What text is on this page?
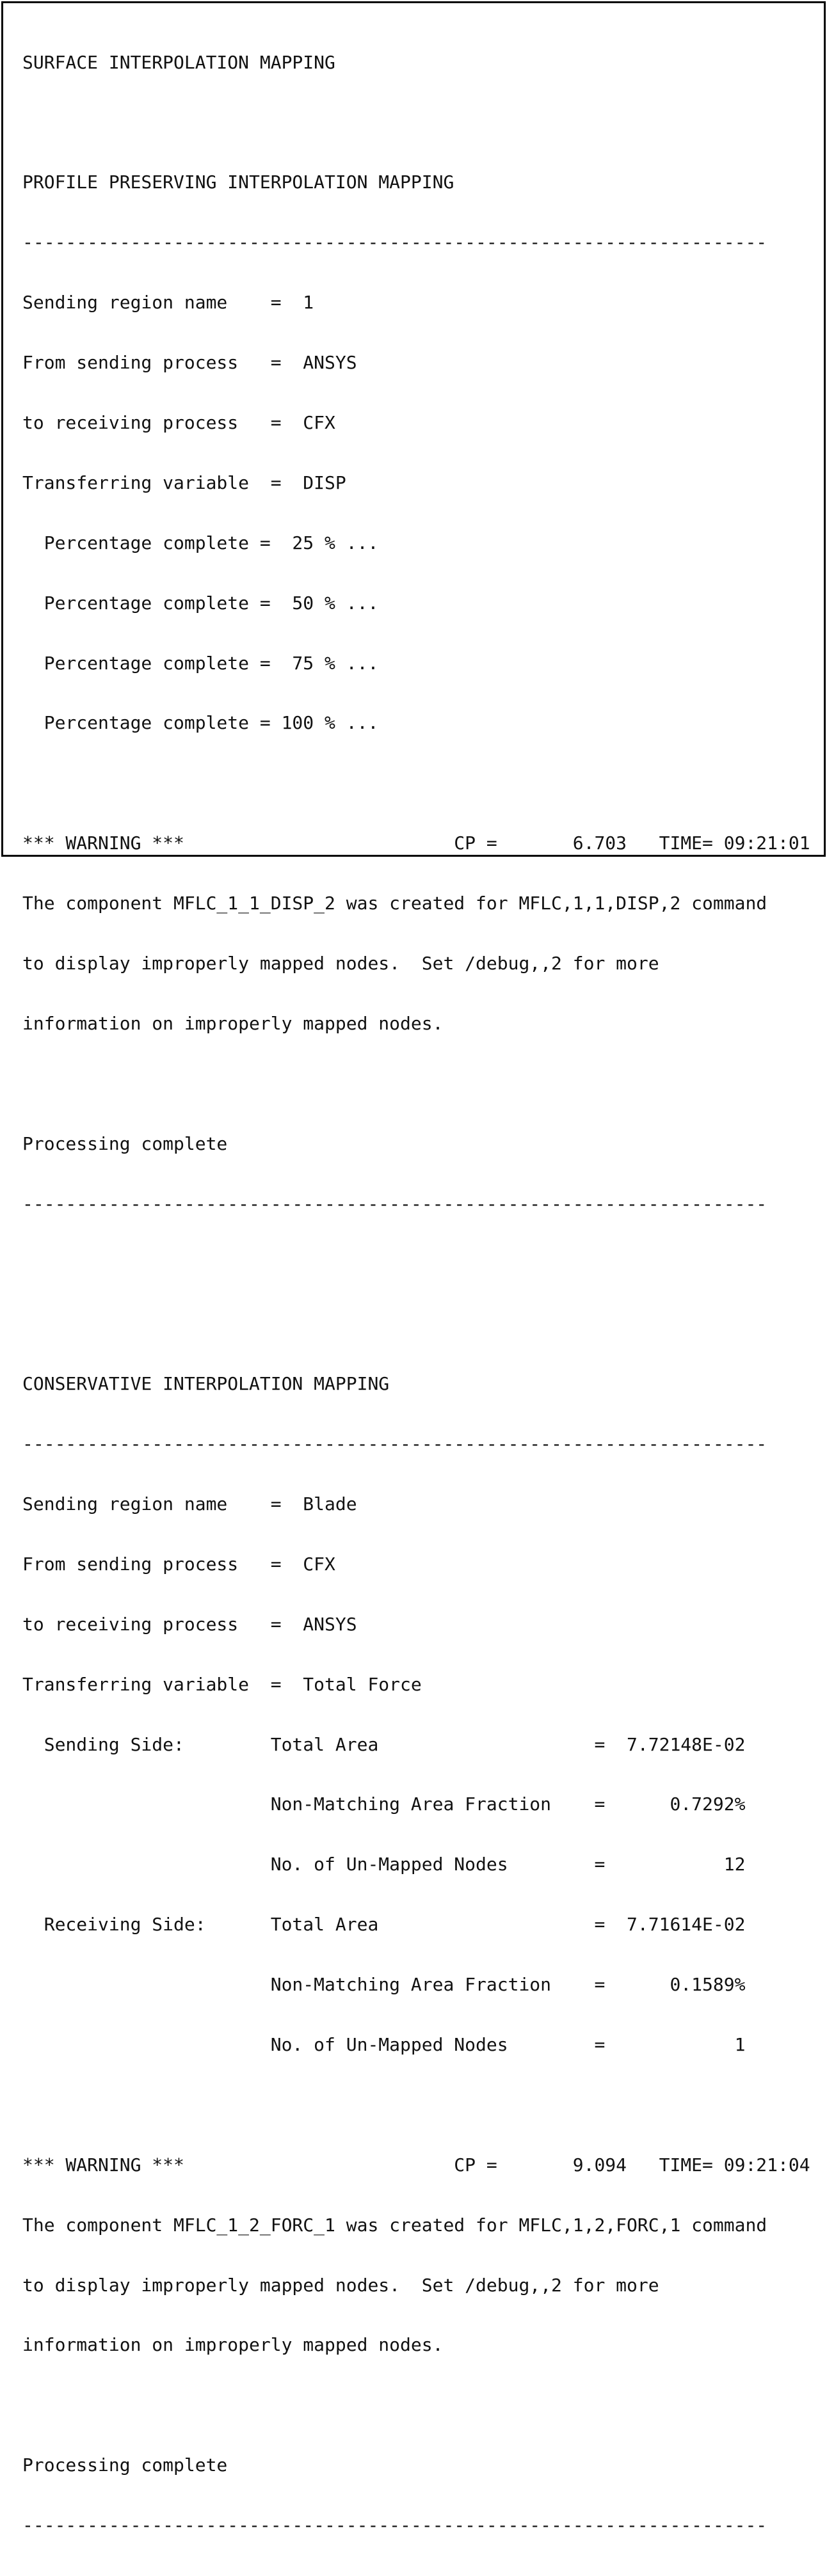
SURFACE INTERPOLATION MAPPING

PROFILE PRESERVING INTERPOLATION MAPPING

---------------------------------------------------------------------

Sending region name    =  1

From sending process   =  ANSYS

to receiving process   =  CFX

Transferring variable  =  DISP

Percentage complete =  25 % ...

Percentage complete =  50 % ...

Percentage complete =  75 % ...

Percentage complete = 100 % ...

*** WARNING ***                         CP =       6.703   TIME= 09:21:01

The component MFLC_1_1_DISP_2 was created for MFLC,1,1,DISP,2 command

to display improperly mapped nodes.  Set /debug,,2 for more

information on improperly mapped nodes.

Processing complete

---------------------------------------------------------------------

CONSERVATIVE INTERPOLATION MAPPING

---------------------------------------------------------------------

Sending region name    =  Blade

From sending process   =  CFX

to receiving process   =  ANSYS

Transferring variable  =  Total Force

Sending Side:        Total Area                    =  7.72148E-02

Non-Matching Area Fraction    =      0.7292%

No. of Un-Mapped Nodes        =           12

Receiving Side:      Total Area                    =  7.71614E-02

Non-Matching Area Fraction    =      0.1589%

No. of Un-Mapped Nodes        =            1

*** WARNING ***                         CP =       9.094   TIME= 09:21:04

The component MFLC_1_2_FORC_1 was created for MFLC,1,2,FORC,1 command

to display improperly mapped nodes.  Set /debug,,2 for more

information on improperly mapped nodes.

Processing complete

---------------------------------------------------------------------
